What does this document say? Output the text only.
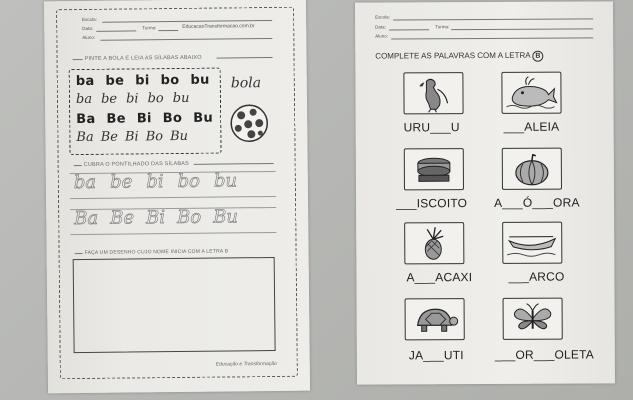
Escola:
Data:	Turma:	EducacaoTransformacao.com.br
Aluno:
PINTE A BOLA E LEIA AS SÍLABAS ABAIXO
ba be bi bo bu
ba be bi bo bu
Ba Be Bi Bo Bu
Ba Be Bi Bo Bu
bola
CUBRA O PONTILHADO DAS SÍLABAS
ba be bi bo bu
Ba Be Bi Bo Bu
FAÇA UM DESENHO CUJO NOME INICIA COM A LETRA B
Educação e Transformação
Escola:
Data:	Turma:
Aluno:
COMPLETE AS PALAVRAS COM A LETRA B
URU___U	___ALEIA
___ISCOITO A___Ó___ORA
A___ACAXI	___ARCO
JA___UTI	___OR___OLETA
